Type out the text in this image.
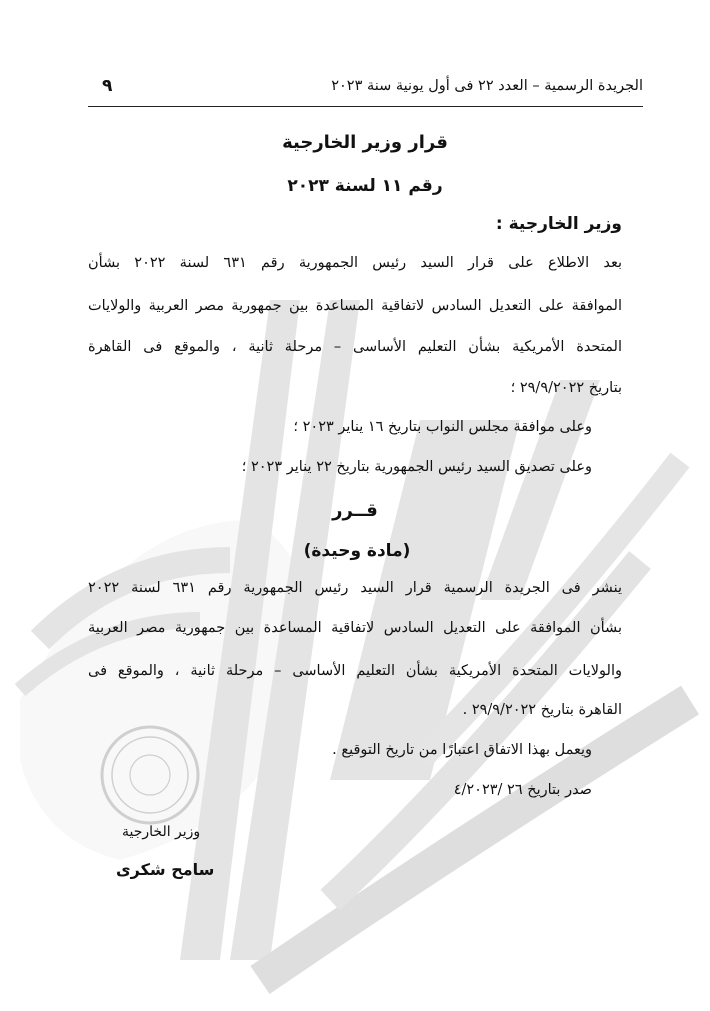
الجريدة الرسمية – العدد ٢٢ فى أول يونية سنة ٢٠٢٣
٩
قرار وزير الخارجية
رقم ١١ لسنة ٢٠٢٣
وزير الخارجية :
بعد الاطلاع على قرار السيد رئيس الجمهورية رقم ٦٣١ لسنة ٢٠٢٢ بشأن
الموافقة على التعديل السادس لاتفاقية المساعدة بين جمهورية مصر العربية والولايات
المتحدة الأمريكية بشأن التعليم الأساسى – مرحلة ثانية ، والموقع فى القاهرة
بتاريخ ٢٩/٩/٢٠٢٢ ؛
وعلى موافقة مجلس النواب بتاريخ ١٦ يناير ٢٠٢٣ ؛
وعلى تصديق السيد رئيس الجمهورية بتاريخ ٢٢ يناير ٢٠٢٣ ؛
قــرر
(مادة وحيدة)
ينشر فى الجريدة الرسمية قرار السيد رئيس الجمهورية رقم ٦٣١ لسنة ٢٠٢٢
بشأن الموافقة على التعديل السادس لاتفاقية المساعدة بين جمهورية مصر العربية
والولايات المتحدة الأمريكية بشأن التعليم الأساسى – مرحلة ثانية ، والموقع فى
القاهرة بتاريخ ٢٩/٩/٢٠٢٢ .
ويعمل بهذا الاتفاق اعتبارًا من تاريخ التوقيع .
صدر بتاريخ ٢٦ /٤/٢٠٢٣
وزير الخارجية
سامح شكرى
